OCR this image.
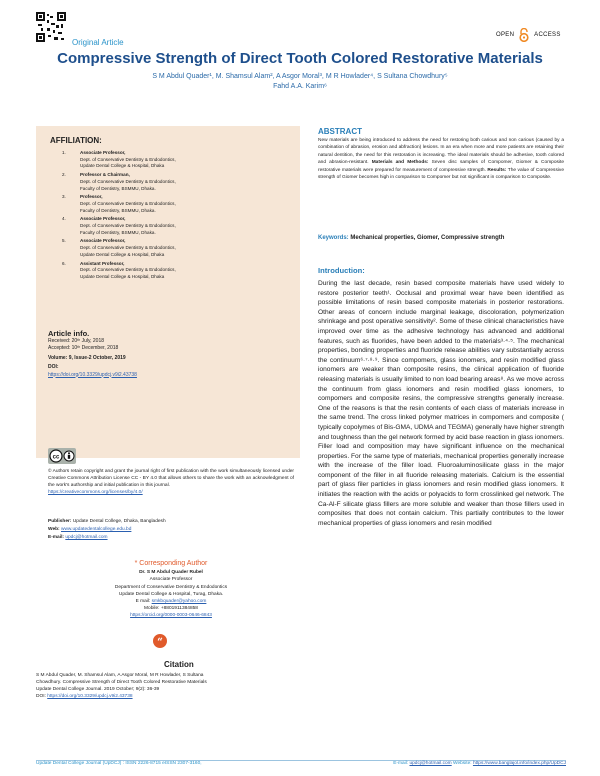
Original Article
OPEN	ACCESS
Compressive Strength of Direct Tooth Colored Restorative Materials
S M Abdul Quader¹, M. Shamsul Alam², A Asgor Moral³, M R Howlader⁴, S Sultana Chowdhury⁵
Fahd A.A. Karim⁶
AFFILIATION:
1.	Associate Professor,
Dept. of Conservative Dentistry & Endodontics,
Update Dental College & Hospital, Dhaka
2.	Professor & Chairman,
Dept. of Conservative Dentistry & Endodontics,
Faculty of Dentistry, BSMMU, Dhaka.
3.	Professor,
Dept. of Conservative Dentistry & Endodontics,
Faculty of Dentistry, BSMMU, Dhaka.
4.	Associate Professor,
Dept. of Conservative Dentistry & Endodontics,
Faculty of Dentistry, BSMMU, Dhaka.
5.	Associate Professor,
Dept. of Conservative Dentistry & Endodontics,
Update Dental College & Hospital, Dhaka
6.	Assistant Professor,
Dept. of Conservative Dentistry & Endodontics,
Update Dental College & Hospital, Dhaka
Article info.
Received: 20ᵗʰ July, 2018
Accepted: 10ᵗʰ December, 2018
Volume: 9, Issue-2 October, 2019
DOI:
https://doi.org/10.3329/updcj.v9i2.43738
cc
© Authors retain copyright and grant the journal right of first publication with the work simultaneously licensed under Creative Commons Attribution License CC - BY 4.0 that allows others to share the work with an acknowledgment of the work's authorship and initial publication in this journal.
https://creativecommons.org/licenses/by/4.0/
Publisher: Update Dental College, Dhaka, Bangladesh
Web: www.updatedentalcollege.edu.bd
E-mail: updcj@hotmail.com
* Corresponding Author
Dr. S M Abdul Quader Rubel
Associate Professor
Department of Conservative Dentistry & Endodontics
Update Dental College & Hospital, Turag, Dhaka.
E mail: smkbquader@yahoo.com
Mobile: +8801911384858
https://orcid.org/0000-0003-0646-6843
“
Citation
S M Abdul Quader, M. Shamsul Alam, A Asgor Moral, M R Howlader, S Sultana
Chowdhury. Compressive Strength of Direct Tooth Colored Restorative Materials
Update Dental College Journal. 2019 October; 9(2): 36-39
DOI: https://doi.org/10.3329/updcj.v9i2.43738
ABSTRACT
New materials are being introduced to address the need for restoring both carious and non carious (caused by a combination of abrasion, erosion and abfraction) lesions. In an era when more and more patients are retaining their natural dentition, the need for this restoration is increasing. The ideal materials should be adhesive, tooth colored and abrasion-resistant. Materials and Methods: Seven disc samples of Compomer, Giomer & Composite restorative materials were prepared for measurement of compressive strength. Results: The value of Compressive strength of Giomer becomes high in comparison to Compomer but not significant in comparison to Composite.
Keywords: Mechanical properties, Giomer, Compressive strength
Introduction:

During the last decade, resin based composite materials have used widely to restore posterior teeth¹. Occlusal and proximal wear have been identified as possible limitations of resin based composite materials in posterior restorations. Other areas of concern include marginal leakage, discoloration, polymerization shrinkage and post operative sensitivity². Some of these clinical characteristics have improved over time as the adhesive technology has advanced and additional features, such as fluorides, have been added to the materials³·⁴·⁵. The mechanical properties, bonding properties and fluoride release abilities vary substantially across the continuum⁶·⁷·⁸·⁹. Since compomers, glass ionomers, and resin modified glass ionomers are weaker than composite resins, the clinical application of fluoride releasing materials is usually limited to non load bearing areas⁸. As we move across the continuum from glass ionomers and resin modified glass ionomers, to compomers and composite resins, the compressive strengths generally increase. One of the reasons is that the resin contents of each class of materials increase in the same trend. The cross linked polymer matrices in compomers and composite ( typically copolymes of Bis-GMA, UDMA and TEGMA) generally have higher strength and toughness than the gel network formed by acid base reaction in glass ionomers.

Filler load and composition may have significant influence on the mechanical properties. For the same type of materials, mechanical properties generally increase with the increase of the filler load. Fluoroaluminosilicate glass in the major component of the filler in all fluoride releasing materials. Calcium is the essential part of glass filer particles in glass ionomers and resin modified glass ionomers. It initiates the reaction with the acids or polyacids to form crosslinked gel network. The Ca-Al-F silicate glass fillers are more soluble and weaker than those fillers used in composites that does not contain calcium. This partially contributes to the lower mechanical properties of glass ionomers and resin modified

Update Dental College Journal (UpDCJ) : ISSN 2226-8715 eISSN 2307-3160,	E-mail: updcj@hotmail.com Website: https://www.banglajol.info/index.php/UpDCJ
